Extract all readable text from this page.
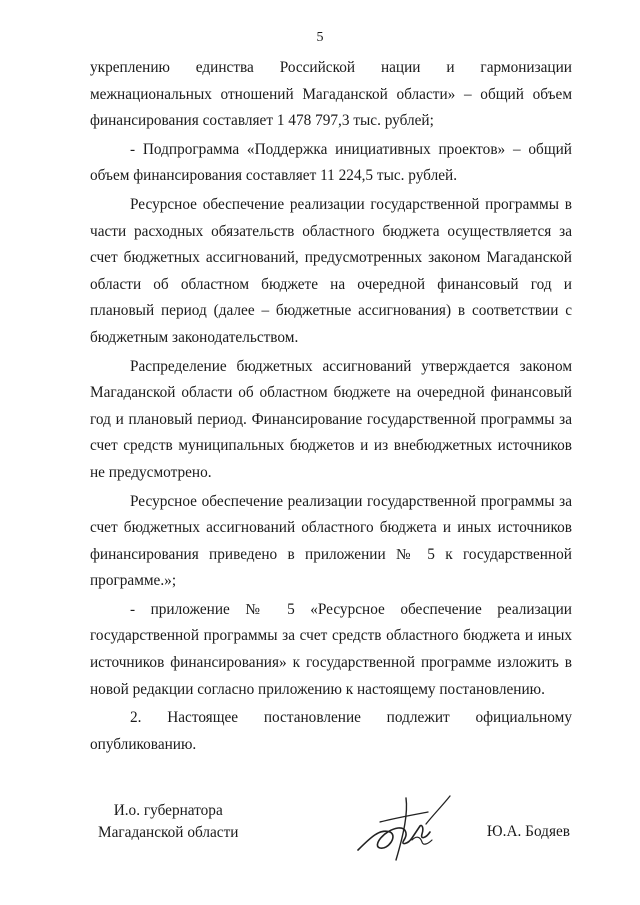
5

укреплению единства Российской нации и гармонизации межнациональных отношений Магаданской области» – общий объем финансирования составляет 1 478 797,3 тыс. рублей;

- Подпрограмма «Поддержка инициативных проектов» – общий объем финансирования составляет 11 224,5 тыс. рублей.

Ресурсное обеспечение реализации государственной программы в части расходных обязательств областного бюджета осуществляется за счет бюджетных ассигнований, предусмотренных законом Магаданской области об областном бюджете на очередной финансовый год и плановый период (далее – бюджетные ассигнования) в соответствии с бюджетным законодательством.

Распределение бюджетных ассигнований утверждается законом Магаданской области об областном бюджете на очередной финансовый год и плановый период. Финансирование государственной программы за счет средств муниципальных бюджетов и из внебюджетных источников не предусмотрено.

Ресурсное обеспечение реализации государственной программы за счет бюджетных ассигнований областного бюджета и иных источников финансирования приведено в приложении № 5 к государственной программе.»;

- приложение № 5 «Ресурсное обеспечение реализации государственной программы за счет средств областного бюджета и иных источников финансирования» к государственной программе изложить в новой редакции согласно приложению к настоящему постановлению.

2. Настоящее постановление подлежит официальному опубликованию.

И.о. губернатора
Магаданской области	Ю.А. Бодяев
